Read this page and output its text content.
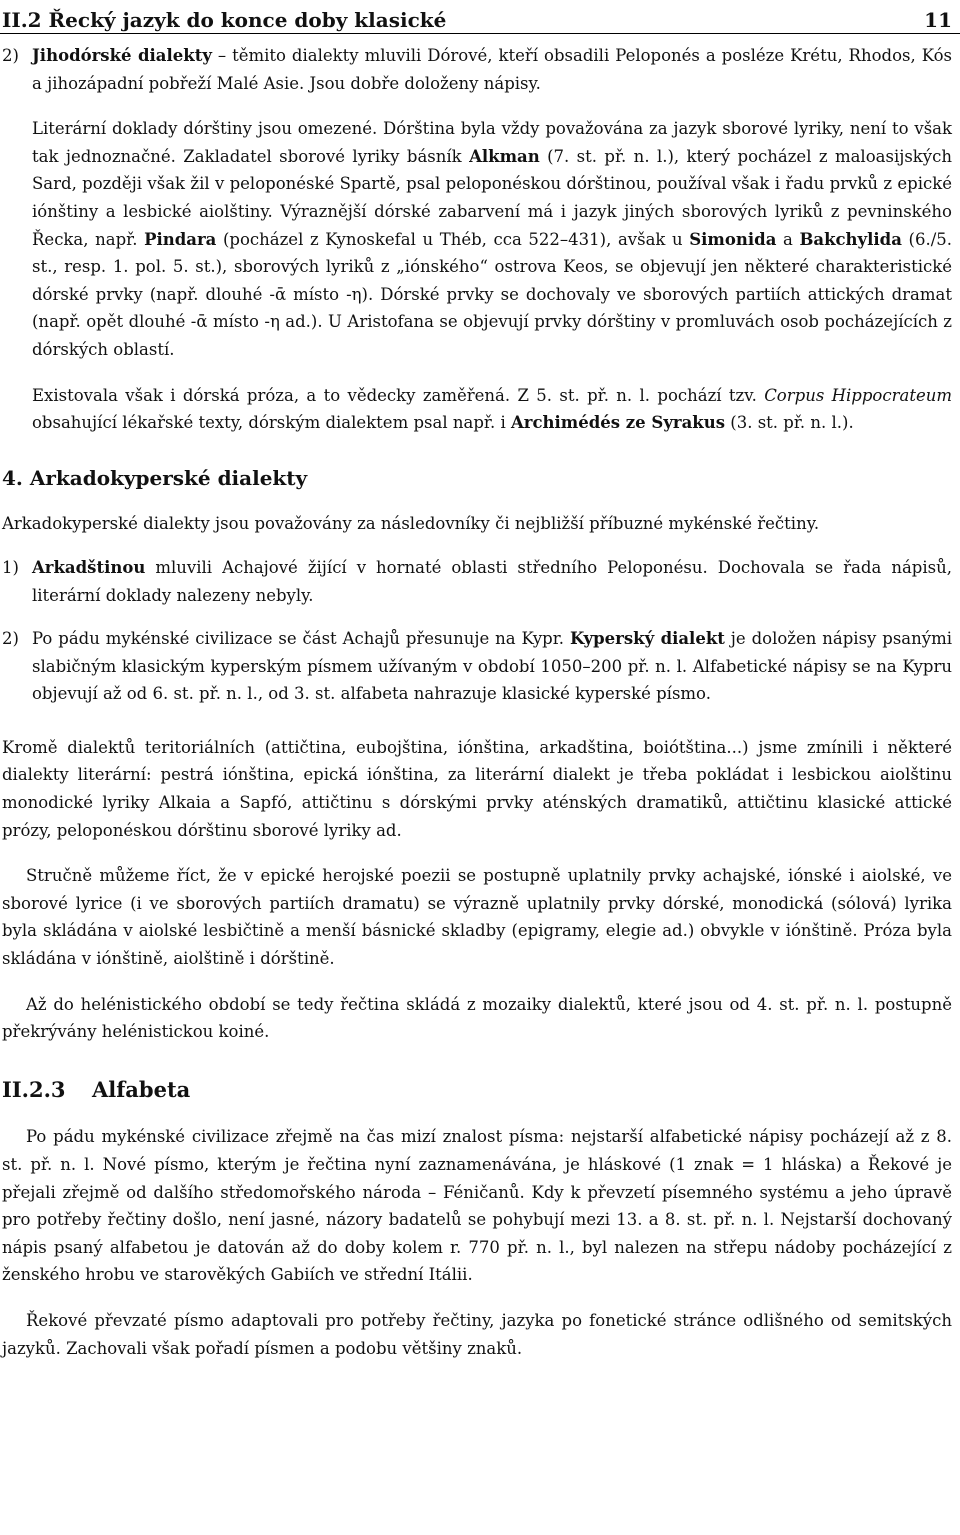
II.2 Řecký jazyk do konce doby klasické	11
2) Jihodórské dialekty – těmito dialekty mluvili Dórové, kteří obsadili Peloponés a posléze Krétu, Rhodos, Kós a jihozápadní pobřeží Malé Asie. Jsou dobře doloženy nápisy.

Literární doklady dórštiny jsou omezené. Dórština byla vždy považována za jazyk sborové lyriky, není to však tak jednoznačné. Zakladatel sborové lyriky básník Alkman (7. st. př. n. l.), který pocházel z maloasijských Sard, později však žil v peloponéské Spartě, psal peloponéskou dórštinou, používal však i řadu prvků z epické iónštiny a lesbické aiolštiny. Výraznější dórské zabarvení má i jazyk jiných sborových lyriků z pevninského Řecka, např. Pindara (pocházel z Kynoskefal u Théb, cca 522–431), avšak u Simonida a Bakchylida (6./5. st., resp. 1. pol. 5. st.), sborových lyriků z „iónského“ ostrova Keos, se objevují jen některé charakteristické dórské prvky (např. dlouhé -ᾱ místo -η). Dórské prvky se dochovaly ve sborových partiích attických dramat (např. opět dlouhé -ᾱ místo -η ad.). U Aristofana se objevují prvky dórštiny v promluvách osob pocházejících z dórských oblastí.

Existovala však i dórská próza, a to vědecky zaměřená. Z 5. st. př. n. l. pochází tzv. Corpus Hippocrateum obsahující lékařské texty, dórským dialektem psal např. i Archimédés ze Syrakus (3. st. př. n. l.).

4. Arkadokyperské dialekty

Arkadokyperské dialekty jsou považovány za následovníky či nejbližší příbuzné mykénské řečtiny.

1) Arkadštinou mluvili Achajové žijící v hornaté oblasti středního Peloponésu. Dochovala se řada nápisů, literární doklady nalezeny nebyly.

2) Po pádu mykénské civilizace se část Achajů přesunuje na Kypr. Kyperský dialekt je doložen nápisy psanými slabičným klasickým kyperským písmem užívaným v období 1050–200 př. n. l. Alfabetické nápisy se na Kypru objevují až od 6. st. př. n. l., od 3. st. alfabeta nahrazuje klasické kyperské písmo.

Kromě dialektů teritoriálních (attičtina, eubojština, iónština, arkadština, boiótština...) jsme zmínili i některé dialekty literární: pestrá iónština, epická iónština, za literární dialekt je třeba pokládat i lesbickou aiolštinu monodické lyriky Alkaia a Sapfó, attičtinu s dórskými prvky aténských dramatiků, attičtinu klasické attické prózy, peloponéskou dórštinu sborové lyriky ad.

Stručně můžeme říct, že v epické herojské poezii se postupně uplatnily prvky achajské, iónské i aiolské, ve sborové lyrice (i ve sborových partiích dramatu) se výrazně uplatnily prvky dórské, monodická (sólová) lyrika byla skládána v aiolské lesbičtině a menší básnické skladby (epigramy, elegie ad.) obvykle v iónštině. Próza byla skládána v iónštině, aiolštině i dórštině.

Až do helénistického období se tedy řečtina skládá z mozaiky dialektů, které jsou od 4. st. př. n. l. postupně překrývány helénistickou koiné.

II.2.3 Alfabeta

Po pádu mykénské civilizace zřejmě na čas mizí znalost písma: nejstarší alfabetické nápisy pocházejí až z 8. st. př. n. l. Nové písmo, kterým je řečtina nyní zaznamenávána, je hláskové (1 znak = 1 hláska) a Řekové je přejali zřejmě od dalšího středomořského národa – Féničanů. Kdy k převzetí písemného systému a jeho úpravě pro potřeby řečtiny došlo, není jasné, názory badatelů se pohybují mezi 13. a 8. st. př. n. l. Nejstarší dochovaný nápis psaný alfabetou je datován až do doby kolem r. 770 př. n. l., byl nalezen na střepu nádoby pocházející z ženského hrobu ve starověkých Gabiích ve střední Itálii.

Řekové převzaté písmo adaptovali pro potřeby řečtiny, jazyka po fonetické stránce odlišného od semitských jazyků. Zachovali však pořadí písmen a podobu většiny znaků.
